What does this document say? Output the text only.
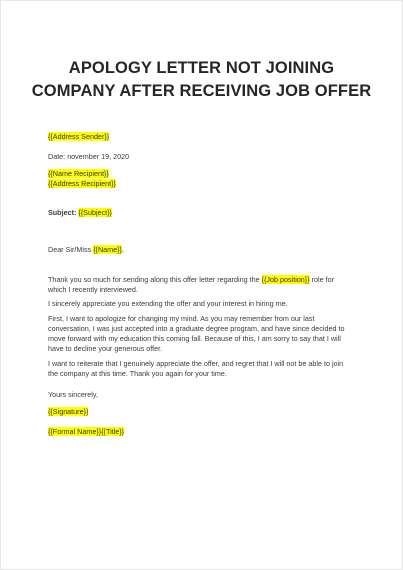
APOLOGY LETTER NOT JOINING
COMPANY AFTER RECEIVING JOB OFFER
{{Address Sender}}
Date: november 19, 2020
{{Name Recipient}}
{{Address Recipient}}
Subject: {{Subject}}
Dear Sir/Miss {{Name}},
Thank you so much for sending along this offer letter regarding the {{Job position}} role for which I recently interviewed.
I sincerely appreciate you extending the offer and your interest in hiring me.
First, I want to apologize for changing my mind. As you may remember from our last conversation, I was just accepted into a graduate degree program, and have since decided to move forward with my education this coming fall. Because of this, I am sorry to say that I will have to decline your generous offer.
I want to reiterate that I genuinely appreciate the offer, and regret that I will not be able to join the company at this time. Thank you again for your time.
Yours sincerely,
{{Signature}}
{{Formal Name}}{{Title}}
